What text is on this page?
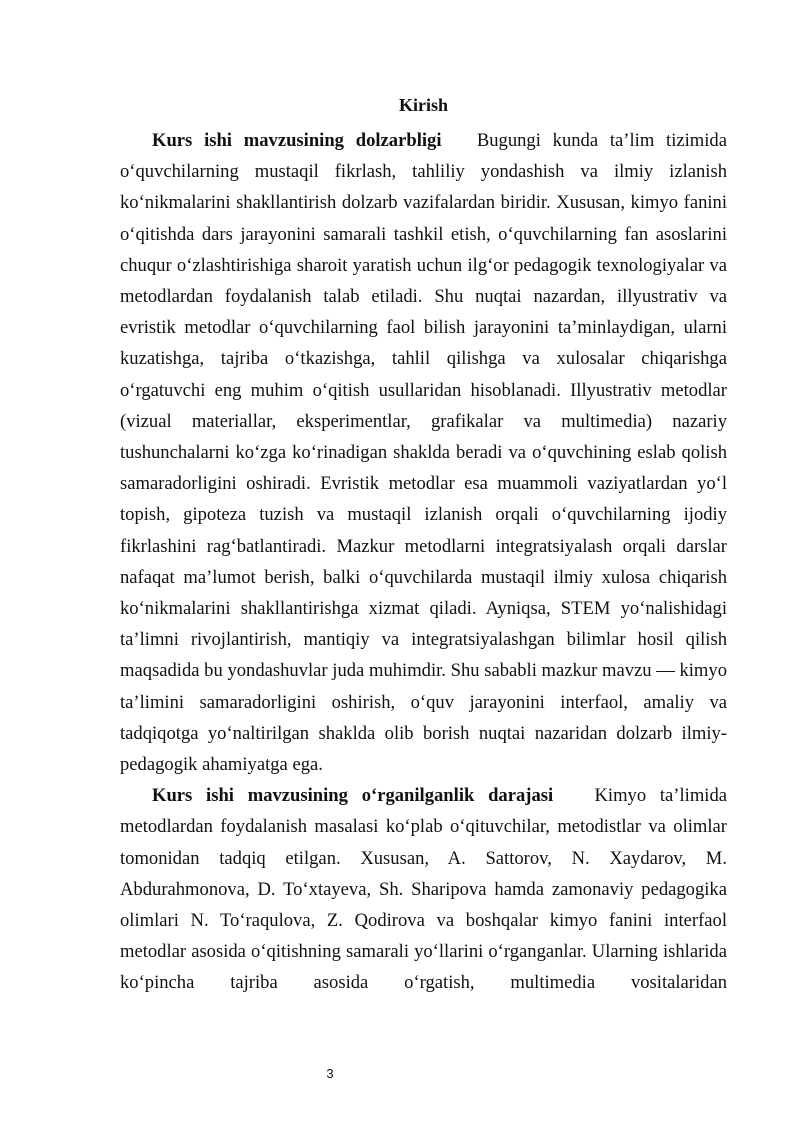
Kirish

Kurs ishi mavzusining dolzarbligi Bugungi kunda ta’lim tizimida o‘quvchilarning mustaqil fikrlash, tahliliy yondashish va ilmiy izlanish ko‘nikmalarini shakllantirish dolzarb vazifalardan biridir. Xususan, kimyo fanini o‘qitishda dars jarayonini samarali tashkil etish, o‘quvchilarning fan asoslarini chuqur o‘zlashtirishiga sharoit yaratish uchun ilg‘or pedagogik texnologiyalar va metodlardan foydalanish talab etiladi. Shu nuqtai nazardan, illyustrativ va evristik metodlar o‘quvchilarning faol bilish jarayonini ta’minlaydigan, ularni kuzatishga, tajriba o‘tkazishga, tahlil qilishga va xulosalar chiqarishga o‘rgatuvchi eng muhim o‘qitish usullaridan hisoblanadi. Illyustrativ metodlar (vizual materiallar, eksperimentlar, grafikalar va multimedia) nazariy tushunchalarni ko‘zga ko‘rinadigan shaklda beradi va o‘quvchining eslab qolish samaradorligini oshiradi. Evristik metodlar esa muammoli vaziyatlardan yo‘l topish, gipoteza tuzish va mustaqil izlanish orqali o‘quvchilarning ijodiy fikrlashini rag‘batlantiradi. Mazkur metodlarni integratsiyalash orqali darslar nafaqat ma’lumot berish, balki o‘quvchilarda mustaqil ilmiy xulosa chiqarish ko‘nikmalarini shakllantirishga xizmat qiladi. Ayniqsa, STEM yo‘nalishidagi ta’limni rivojlantirish, mantiqiy va integratsiyalashgan bilimlar hosil qilish maqsadida bu yondashuvlar juda muhimdir. Shu sababli mazkur mavzu — kimyo ta’limini samaradorligini oshirish, o‘quv jarayonini interfaol, amaliy va tadqiqotga yo‘naltirilgan shaklda olib borish nuqtai nazaridan dolzarb ilmiy-pedagogik ahamiyatga ega.

Kurs ishi mavzusining o‘rganilganlik darajasi Kimyo ta’limida metodlardan foydalanish masalasi ko‘plab o‘qituvchilar, metodistlar va olimlar tomonidan tadqiq etilgan. Xususan, A. Sattorov, N. Xaydarov, M. Abdurahmonova, D. To‘xtayeva, Sh. Sharipova hamda zamonaviy pedagogika olimlari N. To‘raqulova, Z. Qodirova va boshqalar kimyo fanini interfaol metodlar asosida o‘qitishning samarali yo‘llarini o‘rganganlar. Ularning ishlarida ko‘pincha tajriba asosida o‘rgatish, multimedia vositalaridan

3
